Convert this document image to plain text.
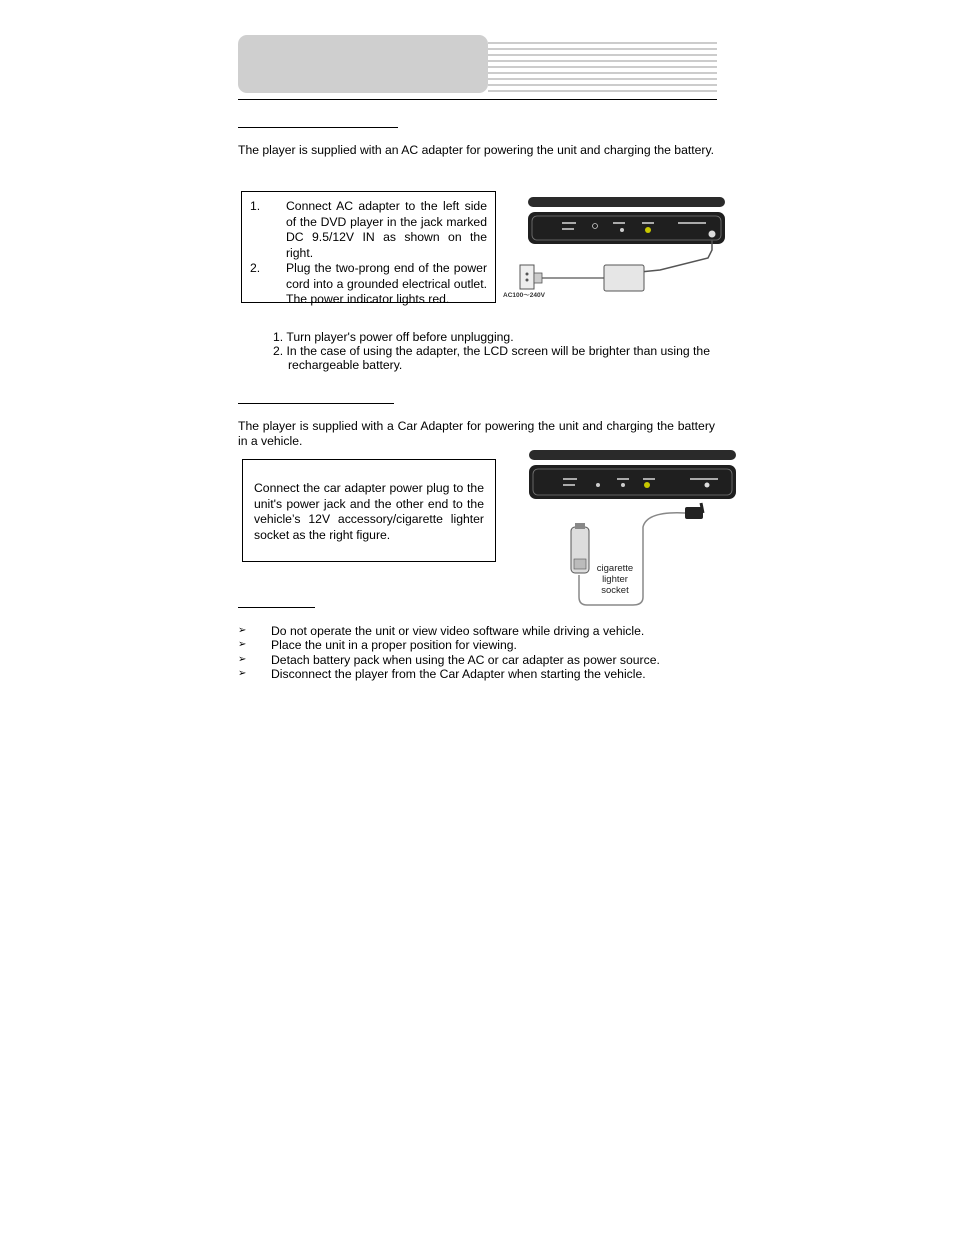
The player is supplied with an AC adapter for powering the unit and charging the battery.
1. Connect AC adapter to the left side of the DVD player in the jack marked DC 9.5/12V IN as shown on the right.
2. Plug the two-prong end of the power cord into a grounded electrical outlet. The power indicator lights red.	AC100～240V
1. Turn player's power off before unplugging.
2. In the case of using the adapter, the LCD screen will be brighter than using the rechargeable battery.
The player is supplied with a Car Adapter for powering the unit and charging the battery in a vehicle.
Connect the car adapter power plug to the unit's power jack and the other end to the vehicle’s 12V accessory/cigarette lighter socket as the right figure.
cigarette
lighter
socket
➢ Do not operate the unit or view video software while driving a vehicle.
➢ Place the unit in a proper position for viewing.
➢ Detach battery pack when using the AC or car adapter as power source.
➢ Disconnect the player from the Car Adapter when starting the vehicle.
